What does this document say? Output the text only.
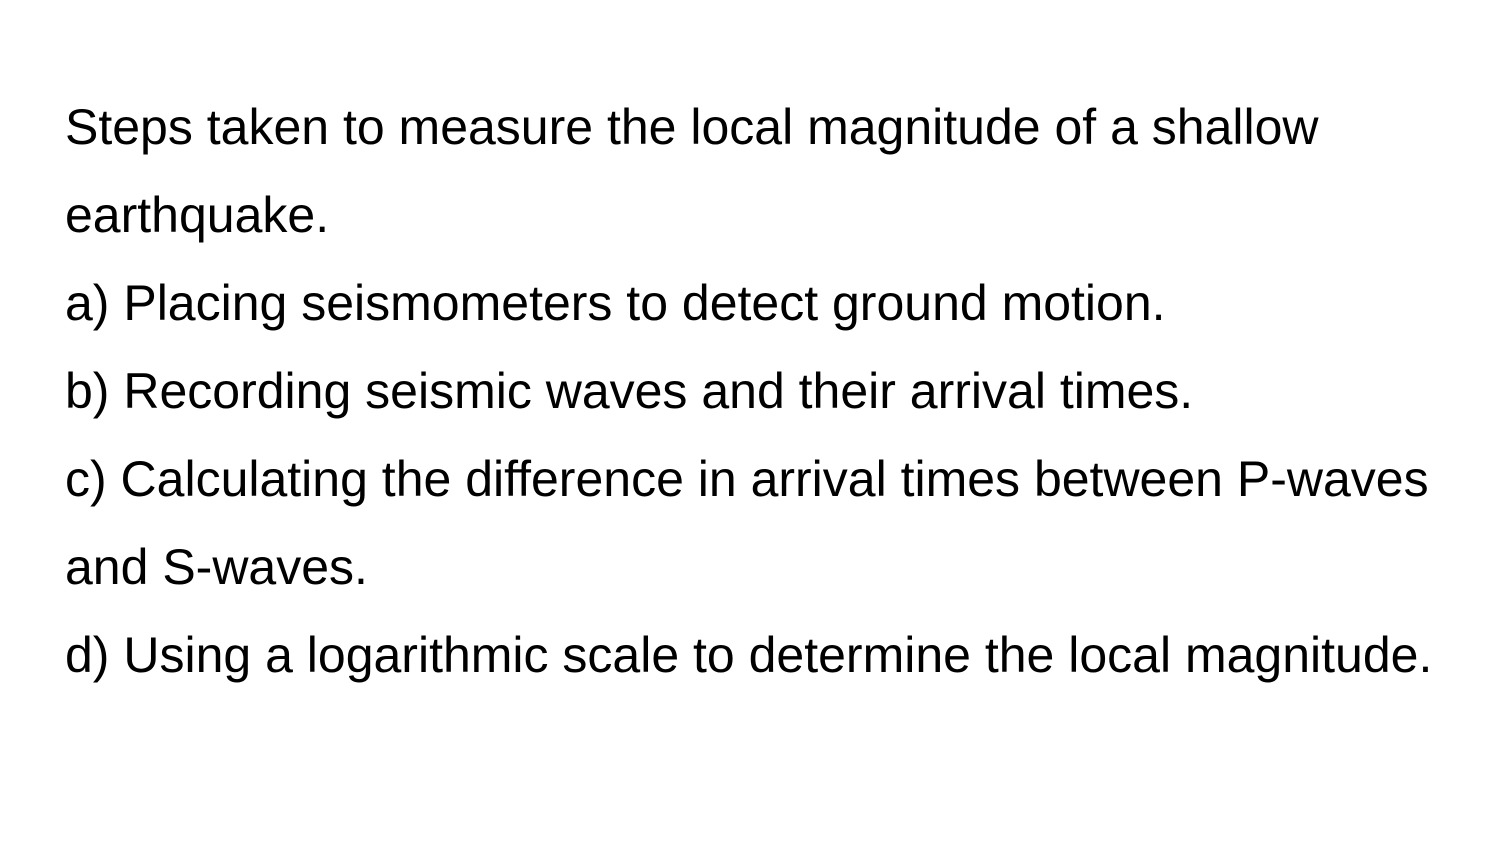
Steps taken to measure the local magnitude of a shallow earthquake.

a) Placing seismometers to detect ground motion.

b) Recording seismic waves and their arrival times.

c) Calculating the difference in arrival times between P-waves and S-waves.

d) Using a logarithmic scale to determine the local magnitude.
